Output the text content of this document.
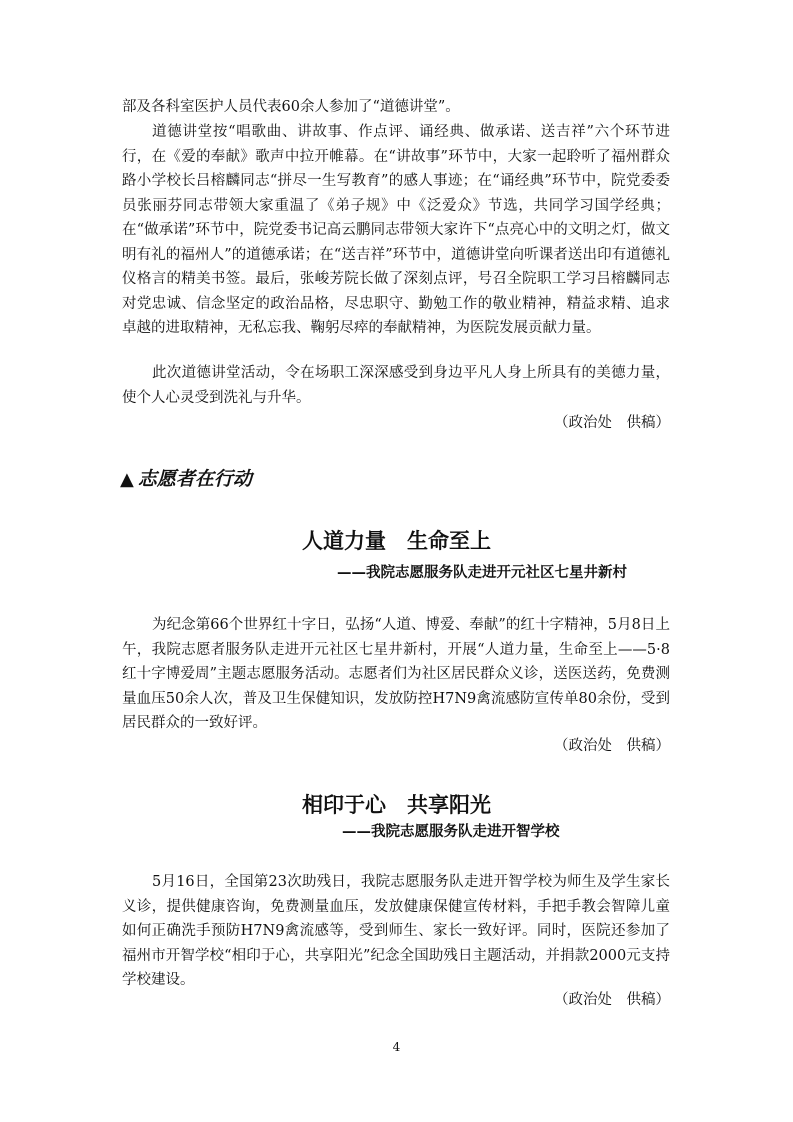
部及各科室医护人员代表60余人参加了“道德讲堂”。

道德讲堂按“唱歌曲、讲故事、作点评、诵经典、做承诺、送吉祥”六个环节进行，在《爱的奉献》歌声中拉开帷幕。在“讲故事”环节中，大家一起聆听了福州群众路小学校长吕榕麟同志“拼尽一生写教育”的感人事迹；在“诵经典”环节中，院党委委员张丽芬同志带领大家重温了《弟子规》中《泛爱众》节选，共同学习国学经典；在“做承诺”环节中，院党委书记高云鹏同志带领大家许下“点亮心中的文明之灯，做文明有礼的福州人”的道德承诺；在“送吉祥”环节中，道德讲堂向听课者送出印有道德礼仪格言的精美书签。最后，张峻芳院长做了深刻点评，号召全院职工学习吕榕麟同志对党忠诚、信念坚定的政治品格，尽忠职守、勤勉工作的敬业精神，精益求精、追求卓越的进取精神，无私忘我、鞠躬尽瘁的奉献精神，为医院发展贡献力量。

此次道德讲堂活动，令在场职工深深感受到身边平凡人身上所具有的美德力量，使个人心灵受到洗礼与升华。

（政治处　供稿）

▲ 志愿者在行动

人道力量　生命至上

——我院志愿服务队走进开元社区七星井新村

为纪念第66个世界红十字日，弘扬“人道、博爱、奉献”的红十字精神，5月8日上午，我院志愿者服务队走进开元社区七星井新村，开展“人道力量，生命至上——5·8红十字博爱周”主题志愿服务活动。志愿者们为社区居民群众义诊，送医送药，免费测量血压50余人次，普及卫生保健知识，发放防控H7N9禽流感防宣传单80余份，受到居民群众的一致好评。

（政治处　供稿）

相印于心　共享阳光

——我院志愿服务队走进开智学校

5月16日，全国第23次助残日，我院志愿服务队走进开智学校为师生及学生家长义诊，提供健康咨询，免费测量血压，发放健康保健宣传材料，手把手教会智障儿童如何正确洗手预防H7N9禽流感等，受到师生、家长一致好评。同时，医院还参加了福州市开智学校“相印于心，共享阳光”纪念全国助残日主题活动，并捐款2000元支持学校建设。

（政治处　供稿）

4
